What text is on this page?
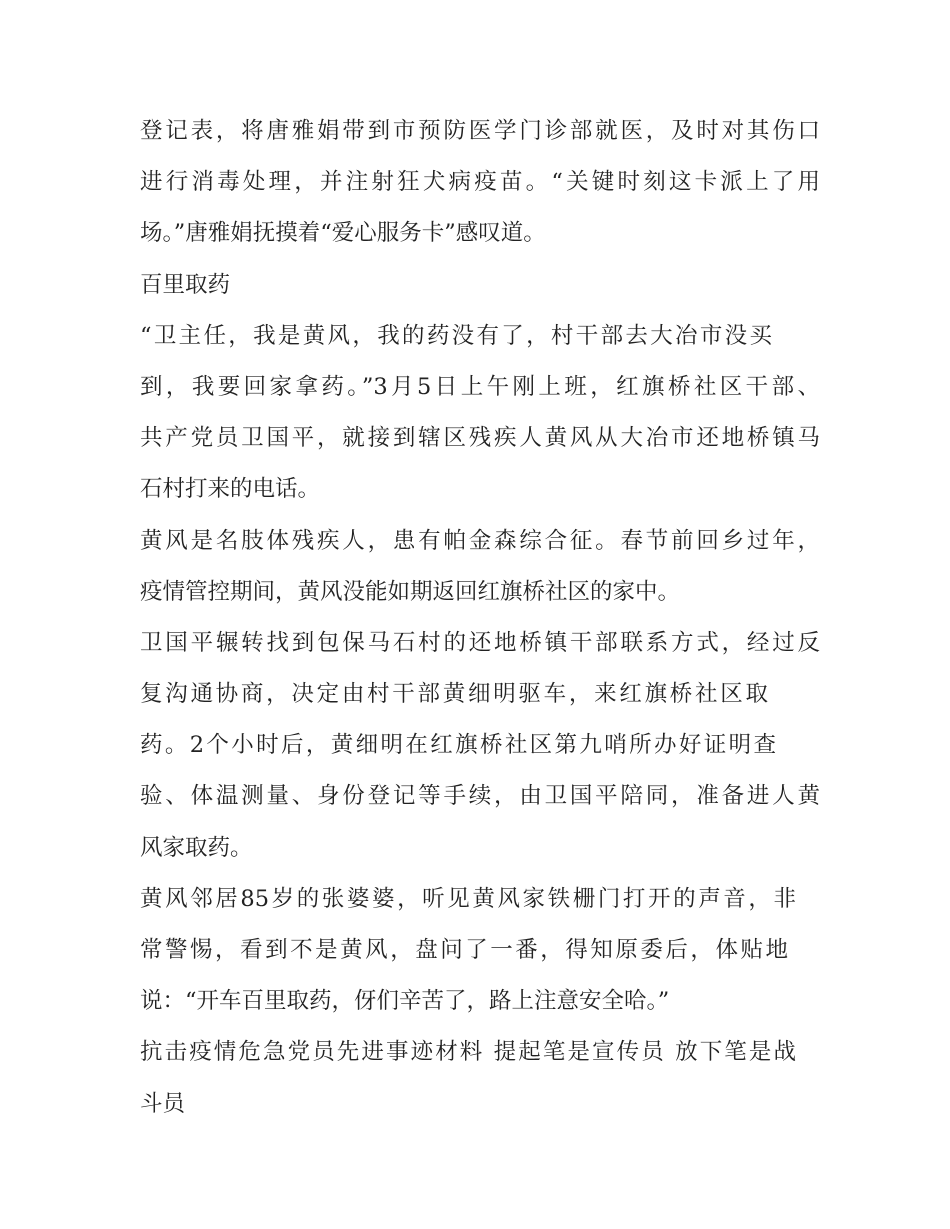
登记表，将唐雅娟带到市预防医学门诊部就医，及时对其伤口
进行消毒处理，并注射狂犬病疫苗。“关键时刻这卡派上了用
场。”唐雅娟抚摸着“爱心服务卡”感叹道。
百里取药
“卫主任，我是黄风，我的药没有了，村干部去大冶市没买
到，我要回家拿药。”3月5日上午刚上班，红旗桥社区干部、
共产党员卫国平，就接到辖区残疾人黄风从大冶市还地桥镇马
石村打来的电话。
黄风是名肢体残疾人，患有帕金森综合征。春节前回乡过年，
疫情管控期间，黄风没能如期返回红旗桥社区的家中。
卫国平辗转找到包保马石村的还地桥镇干部联系方式，经过反
复沟通协商，决定由村干部黄细明驱车，来红旗桥社区取
药。2个小时后，黄细明在红旗桥社区第九哨所办好证明查
验、体温测量、身份登记等手续，由卫国平陪同，准备进人黄
风家取药。
黄风邻居85岁的张婆婆，听见黄风家铁栅门打开的声音，非
常警惕，看到不是黄风，盘问了一番，得知原委后，体贴地
说：“开车百里取药，伢们辛苦了，路上注意安全哈。”
抗击疫情危急党员先进事迹材料 提起笔是宣传员 放下笔是战
斗员
